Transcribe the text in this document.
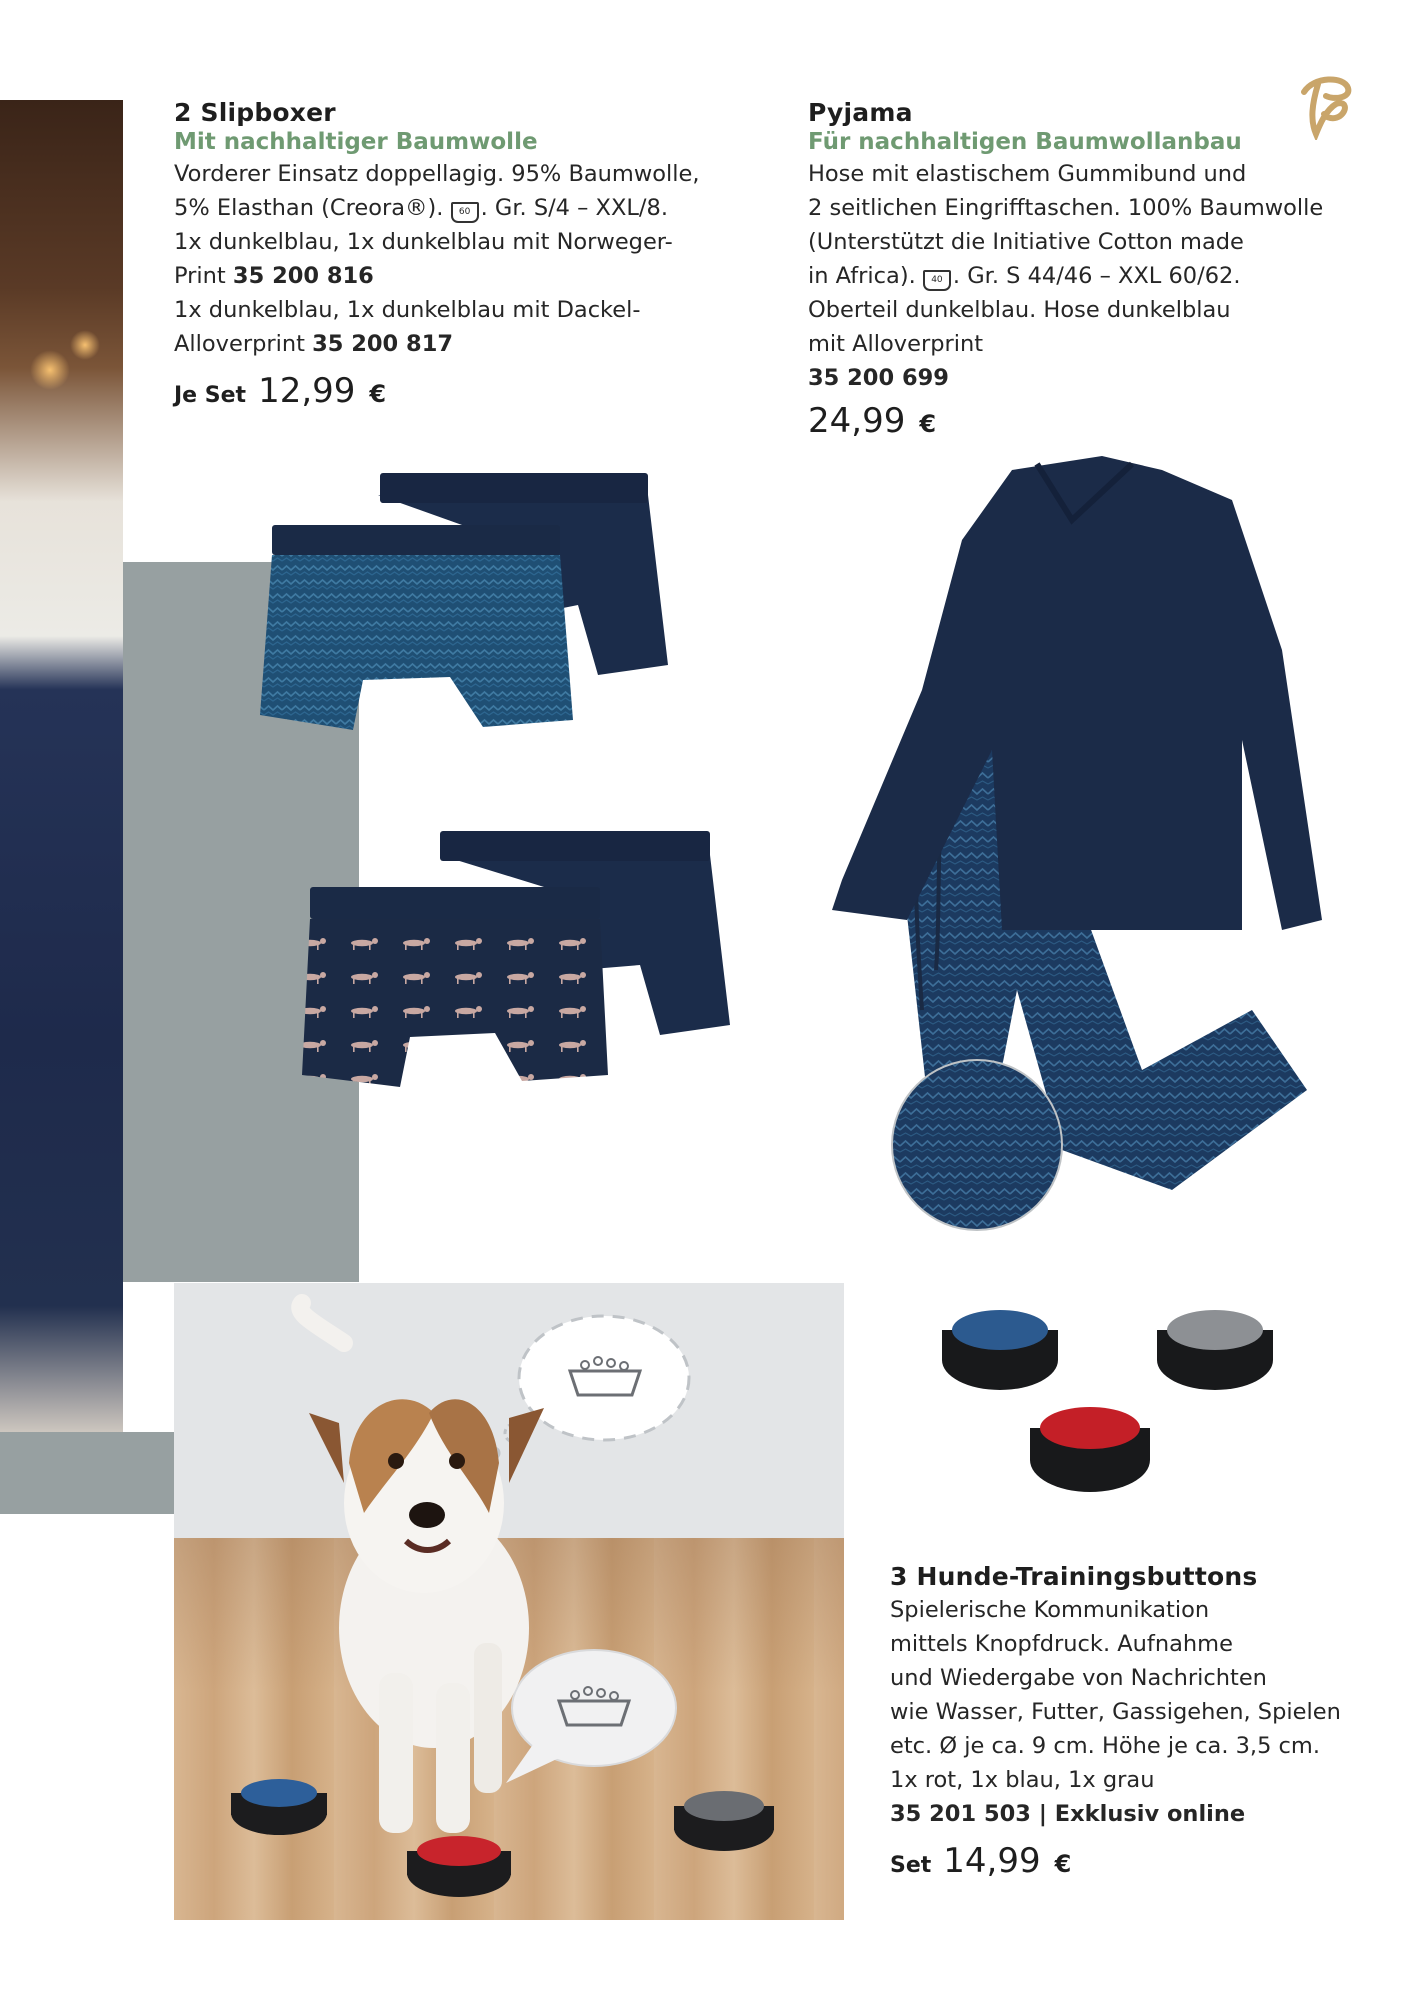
2 Slipboxer
Mit nachhaltiger Baumwolle
Vorderer Einsatz doppellagig. 95% Baumwolle,
5% Elasthan (Creora®). 60 . Gr. S/4 – XXL/8.
1x dunkelblau, 1x dunkelblau mit Norweger-
Print 35 200 816
1x dunkelblau, 1x dunkelblau mit Dackel-
Alloverprint 35 200 817
Je Set 12,99 €
Pyjama
Für nachhaltigen Baumwollanbau
Hose mit elastischem Gummibund und
2 seitlichen Eingrifftaschen. 100% Baumwolle
(Unterstützt die Initiative Cotton made
in Africa). 40 . Gr. S 44/46 – XXL 60/62.
Oberteil dunkelblau. Hose dunkelblau
mit Alloverprint
35 200 699
24,99 €
3 Hunde-Trainingsbuttons
Spielerische Kommunikation
mittels Knopfdruck. Aufnahme
und Wiedergabe von Nachrichten
wie Wasser, Futter, Gassigehen, Spielen
etc. Ø je ca. 9 cm. Höhe je ca. 3,5 cm.
1x rot, 1x blau, 1x grau
35 201 503 | Exklusiv online
Set 14,99 €
